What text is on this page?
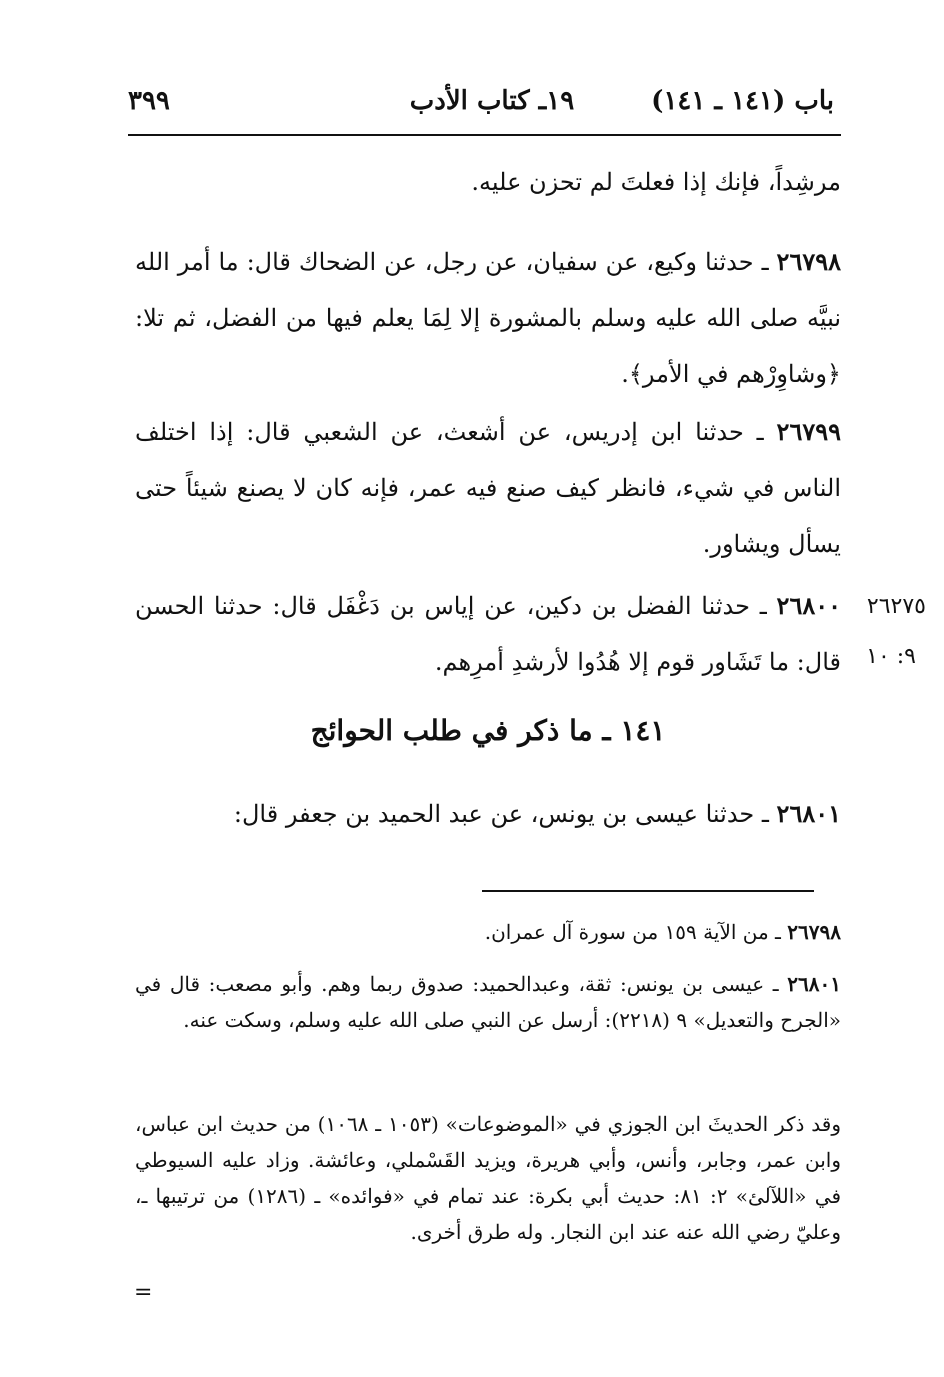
٣٩٩	١٩ـ كتاب الأدب	باب (١٤١ ـ ١٤١)
مرشِداً، فإنك إذا فعلتَ لم تحزن عليه.
٢٦٧٩٨ ـ حدثنا وكيع، عن سفيان، عن رجل، عن الضحاك قال: ما أمر الله نبيَّه صلى الله عليه وسلم بالمشورة إلا لِمَا يعلم فيها من الفضل، ثم تلا: ﴿وشاوِرْهم في الأمر﴾.
٢٦٧٩٩ ـ حدثنا ابن إدريس، عن أشعث، عن الشعبي قال: إذا اختلف الناس في شيء، فانظر كيف صنع فيه عمر، فإنه كان لا يصنع شيئاً حتى يسأل ويشاور.
٢٦٨٠٠ ـ حدثنا الفضل بن دكين، عن إياس بن دَغْفَل قال: حدثنا الحسن قال: ما تَشَاور قوم إلا هُدُوا لأرشدِ أمرِهم.
٢٦٢٧٥
٩: ١٠
١٤١ ـ ما ذكر في طلب الحوائج
٢٦٨٠١ ـ حدثنا عيسى بن يونس، عن عبد الحميد بن جعفر قال:
٢٦٧٩٨ ـ من الآية ١٥٩ من سورة آل عمران.
٢٦٨٠١ ـ عيسى بن يونس: ثقة، وعبدالحميد: صدوق ربما وهم. وأبو مصعب: قال في «الجرح والتعديل» ٩ (٢٢١٨): أرسل عن النبي صلى الله عليه وسلم، وسكت عنه.
وقد ذكر الحديثَ ابن الجوزي في «الموضوعات» (١٠٥٣ ـ ١٠٦٨) من حديث ابن عباس، وابن عمر، وجابر، وأنس، وأبي هريرة، ويزيد القَسْملي، وعائشة. وزاد عليه السيوطي في «اللآلئ» ٢: ٨١: حديث أبي بكرة: عند تمام في «فوائده» ـ (١٢٨٦) من ترتيبها ـ، وعليّ رضي الله عنه عند ابن النجار. وله طرق أخرى.
=
